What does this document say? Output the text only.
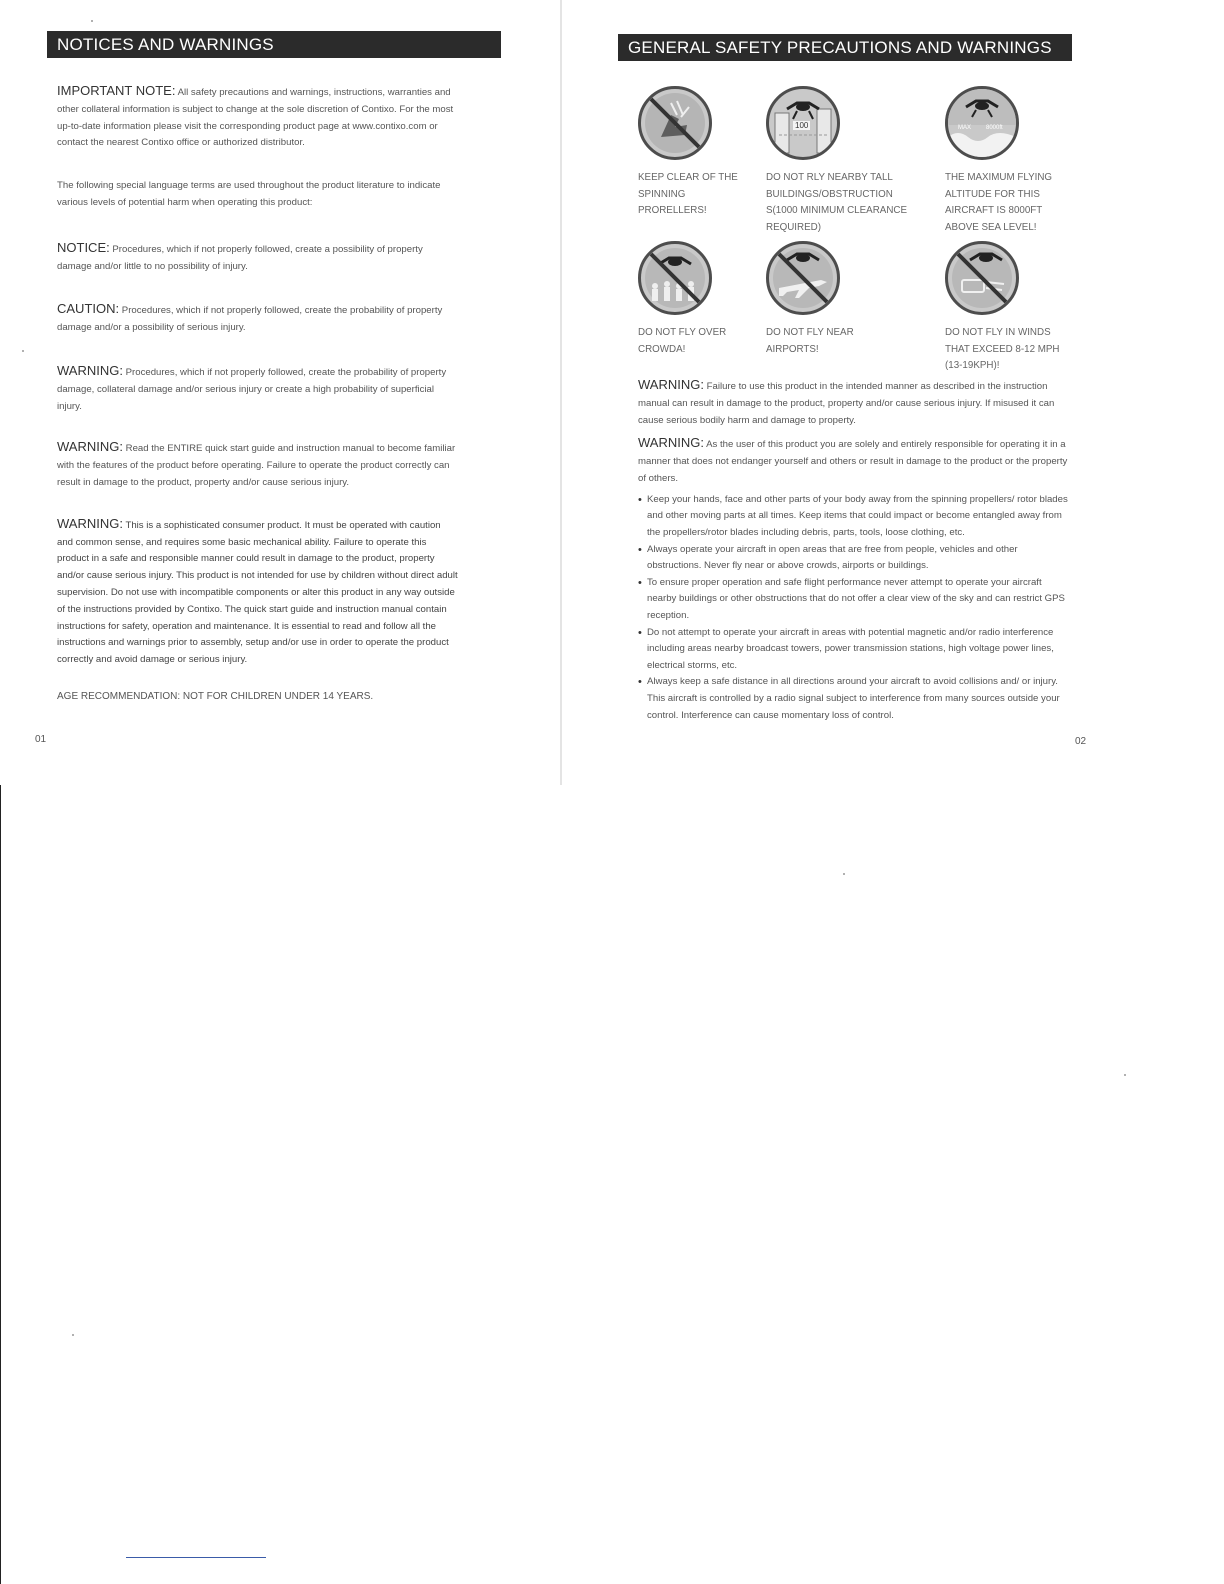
NOTICES AND WARNINGS

IMPORTANT NOTE: All safety precautions and warnings, instructions, warranties and other collateral information is subject to change at the sole discretion of Contixo. For the most up-to-date information please visit the corresponding product page at www.contixo.com or contact the nearest Contixo office or authorized distributor.

The following special language terms are used throughout the product literature to indicate various levels of potential harm when operating this product:

NOTICE: Procedures, which if not properly followed, create a possibility of property damage and/or little to no possibility of injury.

CAUTION: Procedures, which if not properly followed, create the probability of property damage and/or a possibility of serious injury.

WARNING: Procedures, which if not properly followed, create the probability of property damage, collateral damage and/or serious injury or create a high probability of superficial injury.

WARNING: Read the ENTIRE quick start guide and instruction manual to become familiar with the features of the product before operating. Failure to operate the product correctly can result in damage to the product, property and/or cause serious injury.

WARNING: This is a sophisticated consumer product. It must be operated with caution and common sense, and requires some basic mechanical ability. Failure to operate this product in a safe and responsible manner could result in damage to the product, property and/or cause serious injury. This product is not intended for use by children without direct adult supervision. Do not use with incompatible components or alter this product in any way outside of the instructions provided by Contixo. The quick start guide and instruction manual contain instructions for safety, operation and maintenance. It is essential to read and follow all the instructions and warnings prior to assembly, setup and/or use in order to operate the product correctly and avoid damage or serious injury.

AGE RECOMMENDATION: NOT FOR CHILDREN UNDER 14 YEARS.

01
GENERAL SAFETY PRECAUTIONS AND WARNINGS
KEEP CLEAR OF THE SPINNING PRORELLERS!
100
DO NOT RLY NEARBY TALL BUILDINGS/OBSTRUCTION S(1000 MINIMUM CLEARANCE REQUIRED)
MAX 8000ft
THE MAXIMUM FLYING ALTITUDE FOR THIS AIRCRAFT IS 8000FT ABOVE SEA LEVEL!
DO NOT FLY OVER CROWDA!
DO NOT FLY NEAR AIRPORTS!
DO NOT FLY IN WINDS THAT EXCEED 8-12 MPH (13-19KPH)!

WARNING: Failure to use this product in the intended manner as described in the instruction manual can result in damage to the product, property and/or cause serious injury. If misused it can cause serious bodily harm and damage to property.

WARNING: As the user of this product you are solely and entirely responsible for operating it in a manner that does not endanger yourself and others or result in damage to the product or the property of others.

• Keep your hands, face and other parts of your body away from the spinning propellers/ rotor blades and other moving parts at all times. Keep items that could impact or become entangled away from the propellers/rotor blades including debris, parts, tools, loose clothing, etc.
• Always operate your aircraft in open areas that are free from people, vehicles and other obstructions. Never fly near or above crowds, airports or buildings.
• To ensure proper operation and safe flight performance never attempt to operate your aircraft nearby buildings or other obstructions that do not offer a clear view of the sky and can restrict GPS reception.
• Do not attempt to operate your aircraft in areas with potential magnetic and/or radio interference including areas nearby broadcast towers, power transmission stations, high voltage power lines, electrical storms, etc.
• Always keep a safe distance in all directions around your aircraft to avoid collisions and/ or injury. This aircraft is controlled by a radio signal subject to interference from many sources outside your control. Interference can cause momentary loss of control.
02
